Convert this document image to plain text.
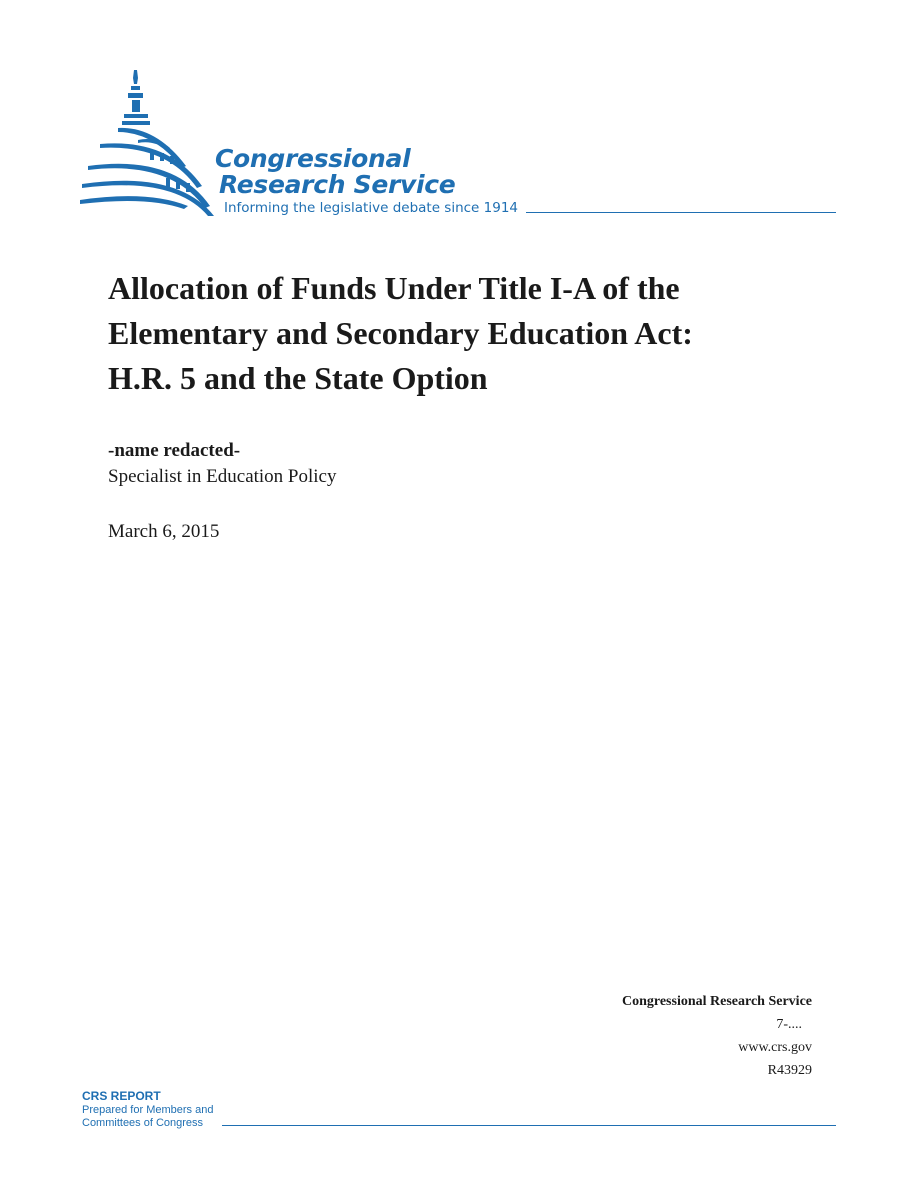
Congressional
Research Service
Informing the legislative debate since 1914
Allocation of Funds Under Title I-A of the
Elementary and Secondary Education Act:
H.R. 5 and the State Option
-name redacted-
Specialist in Education Policy
March 6, 2015
Congressional Research Service
7-....
www.crs.gov
R43929
CRS REPORT
Prepared for Members and
Committees of Congress
